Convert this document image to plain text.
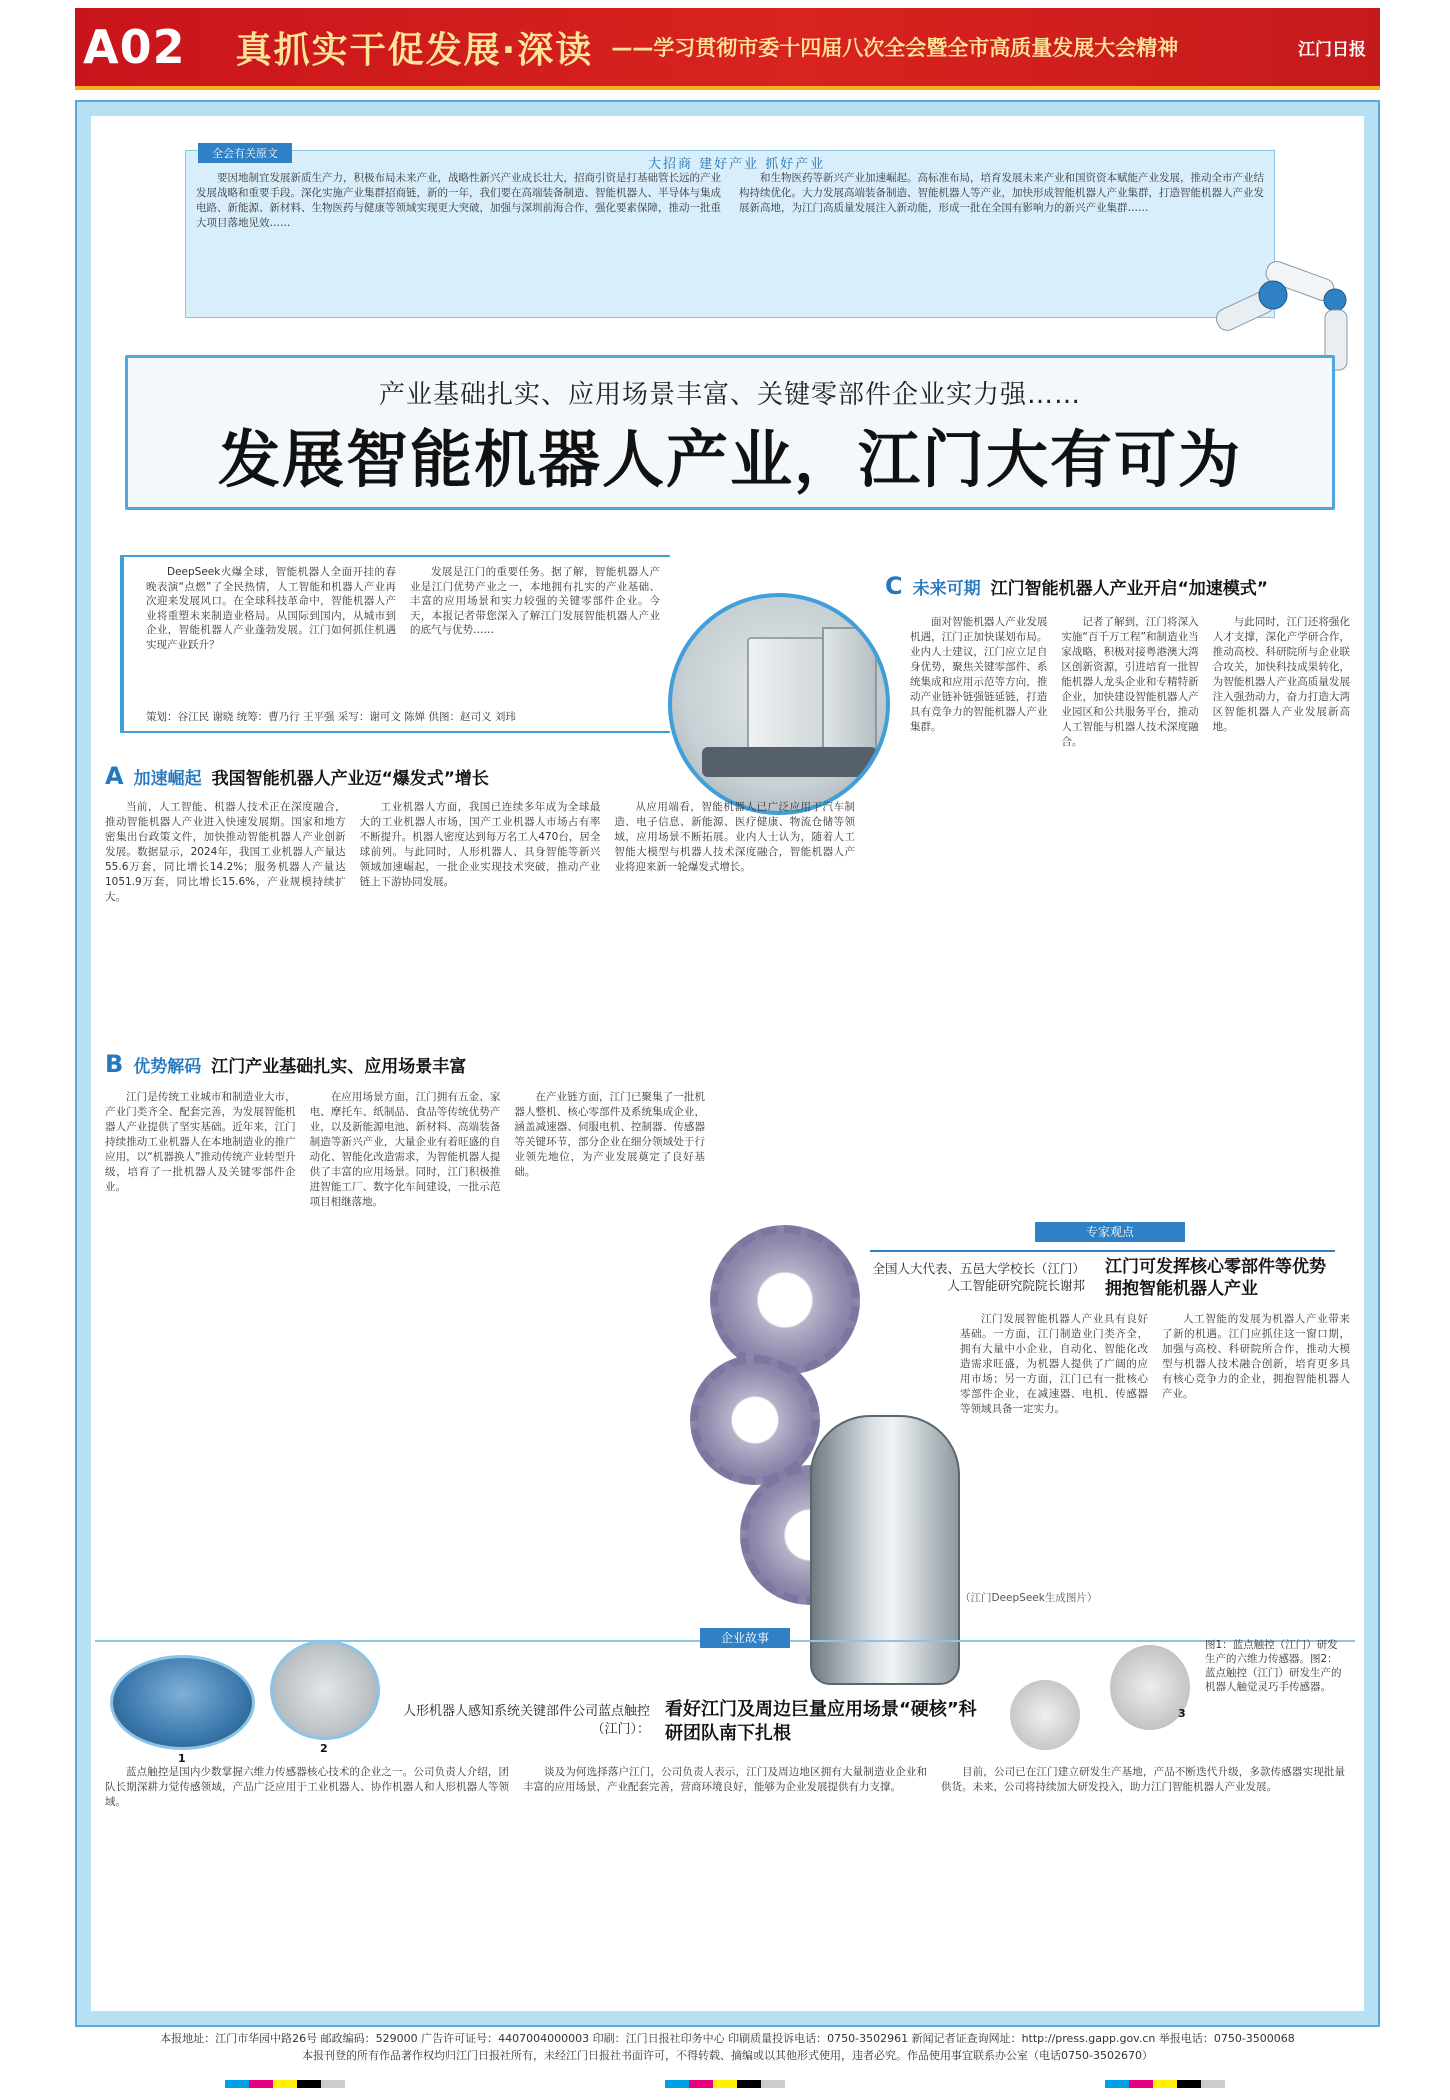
A02 真抓实干促发展·深读 ——学习贯彻市委十四届八次全会暨全市高质量发展大会精神	江门日报
全会有关原文
大招商 建好产业 抓好产业

要因地制宜发展新质生产力，积极布局未来产业，战略性新兴产业成长壮大，招商引资是打基础管长远的产业发展战略和重要手段。深化实施产业集群招商链，新的一年，我们要在高端装备制造、智能机器人、半导体与集成电路、新能源、新材料、生物医药与健康等领域实现更大突破，加强与深圳前海合作，强化要素保障，推动一批重大项目落地见效……

和生物医药等新兴产业加速崛起。高标准布局，培育发展未来产业和国资资本赋能产业发展，推动全市产业结构持续优化。大力发展高端装备制造、智能机器人等产业，加快形成智能机器人产业集群，打造智能机器人产业发展新高地，为江门高质量发展注入新动能，形成一批在全国有影响力的新兴产业集群……

产业基础扎实、应用场景丰富、关键零部件企业实力强……
发展智能机器人产业，江门大有可为

DeepSeek火爆全球，智能机器人全面开挂的春晚表演“点燃”了全民热情，人工智能和机器人产业再次迎来发展风口。在全球科技革命中，智能机器人产业将重塑未来制造业格局。从国际到国内，从城市到企业，智能机器人产业蓬勃发展。江门如何抓住机遇实现产业跃升？

发展是江门的重要任务。据了解，智能机器人产业是江门优势产业之一，本地拥有扎实的产业基础、丰富的应用场景和实力较强的关键零部件企业。今天，本报记者带您深入了解江门发展智能机器人产业的底气与优势……

策划：谷江民 谢晓 统筹：曹乃行 王平强 采写：谢可文 陈婵 供图：赵司义 刘玮
A 加速崛起 我国智能机器人产业迈“爆发式”增长

当前，人工智能、机器人技术正在深度融合，推动智能机器人产业进入快速发展期。国家和地方密集出台政策文件，加快推动智能机器人产业创新发展。数据显示，2024年，我国工业机器人产量达55.6万套，同比增长14.2%；服务机器人产量达1051.9万套，同比增长15.6%，产业规模持续扩大。

工业机器人方面，我国已连续多年成为全球最大的工业机器人市场，国产工业机器人市场占有率不断提升。机器人密度达到每万名工人470台，居全球前列。与此同时，人形机器人、具身智能等新兴领域加速崛起，一批企业实现技术突破，推动产业链上下游协同发展。

从应用端看，智能机器人已广泛应用于汽车制造、电子信息、新能源、医疗健康、物流仓储等领域，应用场景不断拓展。业内人士认为，随着人工智能大模型与机器人技术深度融合，智能机器人产业将迎来新一轮爆发式增长。

B 优势解码 江门产业基础扎实、应用场景丰富

江门是传统工业城市和制造业大市，产业门类齐全、配套完善，为发展智能机器人产业提供了坚实基础。近年来，江门持续推动工业机器人在本地制造业的推广应用，以“机器换人”推动传统产业转型升级，培育了一批机器人及关键零部件企业。

在应用场景方面，江门拥有五金、家电、摩托车、纸制品、食品等传统优势产业，以及新能源电池、新材料、高端装备制造等新兴产业，大量企业有着旺盛的自动化、智能化改造需求，为智能机器人提供了丰富的应用场景。同时，江门积极推进智能工厂、数字化车间建设，一批示范项目相继落地。

在产业链方面，江门已聚集了一批机器人整机、核心零部件及系统集成企业，涵盖减速器、伺服电机、控制器、传感器等关键环节，部分企业在细分领域处于行业领先地位，为产业发展奠定了良好基础。

C 未来可期 江门智能机器人产业开启“加速模式”

面对智能机器人产业发展机遇，江门正加快谋划布局。业内人士建议，江门应立足自身优势，聚焦关键零部件、系统集成和应用示范等方向，推动产业链补链强链延链，打造具有竞争力的智能机器人产业集群。

记者了解到，江门将深入实施“百千万工程”和制造业当家战略，积极对接粤港澳大湾区创新资源，引进培育一批智能机器人龙头企业和专精特新企业，加快建设智能机器人产业园区和公共服务平台，推动人工智能与机器人技术深度融合。

与此同时，江门还将强化人才支撑，深化产学研合作，推动高校、科研院所与企业联合攻关，加快科技成果转化，为智能机器人产业高质量发展注入强劲动力，奋力打造大湾区智能机器人产业发展新高地。

专家观点
全国人大代表、五邑大学校长（江门）人工智能研究院院长谢邦
江门可发挥核心零部件等优势拥抱智能机器人产业

江门发展智能机器人产业具有良好基础。一方面，江门制造业门类齐全，拥有大量中小企业，自动化、智能化改造需求旺盛，为机器人提供了广阔的应用市场；另一方面，江门已有一批核心零部件企业，在减速器、电机、传感器等领域具备一定实力。

人工智能的发展为机器人产业带来了新的机遇。江门应抓住这一窗口期，加强与高校、科研院所合作，推动大模型与机器人技术融合创新，培育更多具有核心竞争力的企业，拥抱智能机器人产业。

（江门DeepSeek生成图片）
企业故事
1
2
3
图1：蓝点触控（江门）研发生产的六维力传感器。图2：蓝点触控（江门）研发生产的机器人触觉灵巧手传感器。
人形机器人感知系统关键部件公司蓝点触控（江门）：
看好江门及周边巨量应用场景“硬核”科研团队南下扎根

蓝点触控是国内少数掌握六维力传感器核心技术的企业之一。公司负责人介绍，团队长期深耕力觉传感领域，产品广泛应用于工业机器人、协作机器人和人形机器人等领域。

谈及为何选择落户江门，公司负责人表示，江门及周边地区拥有大量制造业企业和丰富的应用场景，产业配套完善，营商环境良好，能够为企业发展提供有力支撑。

目前，公司已在江门建立研发生产基地，产品不断迭代升级，多款传感器实现批量供货。未来，公司将持续加大研发投入，助力江门智能机器人产业发展。

本报地址：江门市华园中路26号 邮政编码：529000 广告许可证号：4407004000003 印刷：江门日报社印务中心 印刷质量投诉电话：0750-3502961 新闻记者证查询网址：http://press.gapp.gov.cn 举报电话：0750-3500068
本报刊登的所有作品著作权均归江门日报社所有，未经江门日报社书面许可，不得转载、摘编或以其他形式使用，违者必究。作品使用事宜联系办公室（电话0750-3502670）
